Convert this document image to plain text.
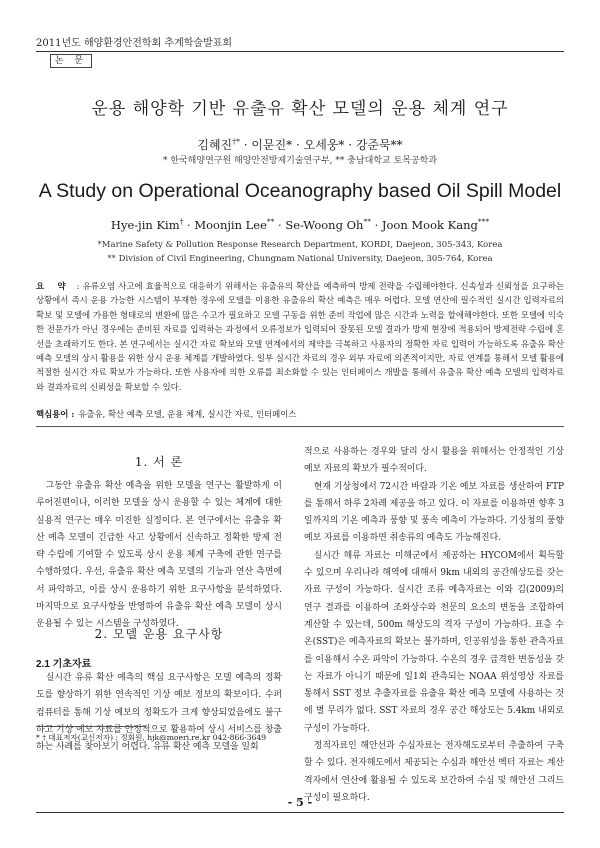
2011년도 해양환경안전학회 추계학술발표회
논 문
운용 해양학 기반 유출유 확산 모델의 운용 체계 연구
김혜진†* · 이문진* · 오세웅* · 강준묵**
* 한국해양연구원 해양안전방제기술연구부, ** 충남대학교 토목공학과
A Study on Operational Oceanography based Oil Spill Model
Hye-jin Kim† · Moonjin Lee** · Se-Woong Oh** · Joon Mook Kang***
*Marine Safety & Pollution Response Research Department, KORDI, Daejeon, 305-343, Korea
** Division of Civil Engineering, Chungnam National University, Daejeon, 305-764, Korea
요 약 : 유류오염 사고에 효율적으로 대응하기 위해서는 유출유의 확산을 예측하여 방제 전략을 수립해야한다. 신속성과 신뢰성을 요구하는 상황에서 즉시 운용 가능한 시스템이 부재한 경우에 모델을 이용한 유출유의 확산 예측은 매우 어렵다. 모델 연산에 필수적인 실시간 입력자료의 확보 및 모델에 가용한 형태로의 변환에 많은 수고가 필요하고 모델 구동을 위한 준비 작업에 많은 시간과 노력을 할애해야한다. 또한 모델에 익숙한 전문가가 아닌 경우에는 준비된 자료를 입력하는 과정에서 오류정보가 입력되어 잘못된 모델 결과가 방제 현장에 적용되어 방제전략 수립에 혼선을 초래하기도 한다. 본 연구에서는 실시간 자료 확보와 모델 연계에서의 제약을 극복하고 사용자의 정확한 자료 입력이 가능하도록 유출유 확산 예측 모델의 상시 활용을 위한 상시 운용 체계를 개발하였다. 일부 실시간 자료의 경우 외부 자료에 의존적이지만, 자료 연계를 통해서 모델 활용에 적절한 실시간 자료 확보가 가능하다. 또한 사용자에 의한 오류를 최소화할 수 있는 인터페이스 개발을 통해서 유출유 확산 예측 모델의 입력자료와 결과자료의 신뢰성을 확보할 수 있다.
핵심용어 : 유출유, 확산 예측 모델, 운용 체계, 실시간 자료, 인터페이스
1. 서 론

그동안 유출유 확산 예측을 위한 모델을 연구는 활발하게 이루어진편이나, 이러한 모델을 상시 운용할 수 있는 체계에 대한 실용적 연구는 매우 미진한 실정이다. 본 연구에서는 유출유 확산 예측 모델이 긴급한 사고 상황에서 신속하고 정확한 방제 전략 수립에 기여할 수 있도록 상시 운용 체계 구축에 관한 연구를 수행하였다. 우선, 유출유 확산 예측 모델의 기능과 연산 측면에서 파악하고, 이를 상시 운용하기 위한 요구사항을 분석하였다. 마지막으로 요구사항을 반영하여 유출유 확산 예측 모델이 상시 운용될 수 있는 시스템을 구성하였다.

2. 모델 운용 요구사항
2.1 기초자료

실시간 유류 확산 예측의 핵심 요구사항은 모델 예측의 정확도를 향상하기 위한 연속적인 기상 예보 정보의 확보이다. 수퍼컴퓨터를 통해 기상 예보의 정확도가 크게 향상되었음에도 불구하고 기상 예보 자료를 안정적으로 활용하여 상시 서비스를 창출하는 사례를 찾아보기 어렵다. 유류 확산 예측 모델을 일회

적으로 사용하는 경우와 달리 상시 활용을 위해서는 안정적인 기상 예보 자료의 확보가 필수적이다.

현재 기상청에서 72시간 바람과 기온 예보 자료를 생산하여 FTP를 통해서 하루 2차례 제공을 하고 있다. 이 자료를 이용하면 향후 3일까지의 기온 예측과 풍향 및 풍속 예측이 가능하다. 기상청의 풍향 예보 자료를 이용하면 취송류의 예측도 가능해진다.

실시간 해류 자료는 미해군에서 제공하는 HYCOM에서 획득할 수 있으며 우리나라 해역에 대해서 9km 내외의 공간해상도를 갖는 자료 구성이 가능하다. 실시간 조류 예측자료는 이와 김(2009)의 연구 결과를 이용하여 조화상수와 천문의 요소의 변동을 조합하여 계산할 수 있는데, 500m 해상도의 격자 구성이 가능하다. 표층 수온(SST)은 예측자료의 확보는 불가하며, 인공위성을 통한 관측자료를 이용해서 수온 파악이 가능하다. 수온의 경우 급격한 변동성을 갖는 자료가 아니기 때문에 일1회 관측되는 NOAA 위성영상 자료를 통해서 SST 정보 추출자료를 유출유 확산 예측 모델에 사용하는 것에 별 무리가 없다. SST 자료의 경우 공간 해상도는 5.4km 내외로 구성이 가능하다.

정적자료인 해안선과 수심자료는 전자해도로부터 추출하여 구축할 수 있다. 전자해도에서 제공되는 수심과 해안선 벡터 자료는 계산격자에서 연산에 활용될 수 있도록 보간하여 수심 및 해안선 그리드 구성이 필요하다.

* † 대표저자(교신저자) : 정회원, hjk@moeri.re.kr 042-866-3649
- 5 -
